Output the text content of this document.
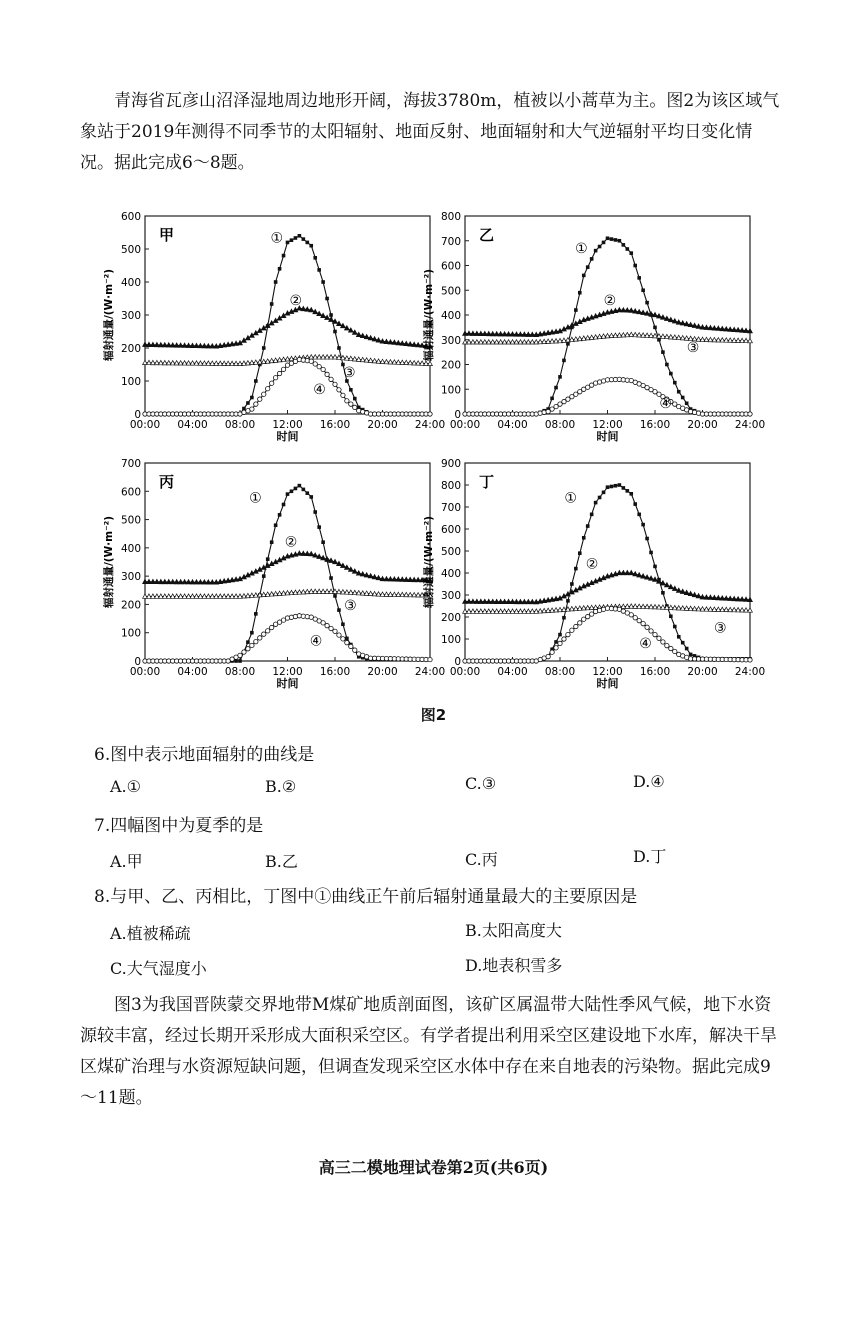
青海省瓦彦山沼泽湿地周边地形开阔，海拔3780m，植被以小蒿草为主。图2为该区域气象站于2019年测得不同季节的太阳辐射、地面反射、地面辐射和大气逆辐射平均日变化情况。据此完成6～8题。

0
100
200
300
400
500
600
00:00 04:00 08:00 12:00 16:00 20:00 24:00
时间
辐射通量/(W·m⁻²)
甲	①
②
③
④
0
100
200
300
400
500
600
700
800
00:00 04:00 08:00 12:00 16:00 20:00 24:00
时间
辐射通量/(W·m⁻²)
乙
①
②
③
④
0
100
200
300
400
500
600
700
00:00 04:00 08:00 12:00 16:00 20:00 24:00
时间
辐射通量/(W·m⁻²)
丙
①
②
③
④
0
100
200
300
400
500
600
700
800
900
00:00 04:00 08:00 12:00 16:00 20:00 24:00
时间
辐射通量/(W·m⁻²)
丁
①
②
③
④
图2
6.图中表示地面辐射的曲线是
A.①	B.②	C.③	D.④
7.四幅图中为夏季的是
A.甲	B.乙	C.丙	D.丁
8.与甲、乙、丙相比，丁图中①曲线正午前后辐射通量最大的主要原因是
A.植被稀疏	B.太阳高度大
C.大气湿度小	D.地表积雪多

图3为我国晋陕蒙交界地带M煤矿地质剖面图，该矿区属温带大陆性季风气候，地下水资源较丰富，经过长期开采形成大面积采空区。有学者提出利用采空区建设地下水库，解决干旱区煤矿治理与水资源短缺问题，但调查发现采空区水体中存在来自地表的污染物。据此完成9～11题。

高三二模地理试卷第2页(共6页)
